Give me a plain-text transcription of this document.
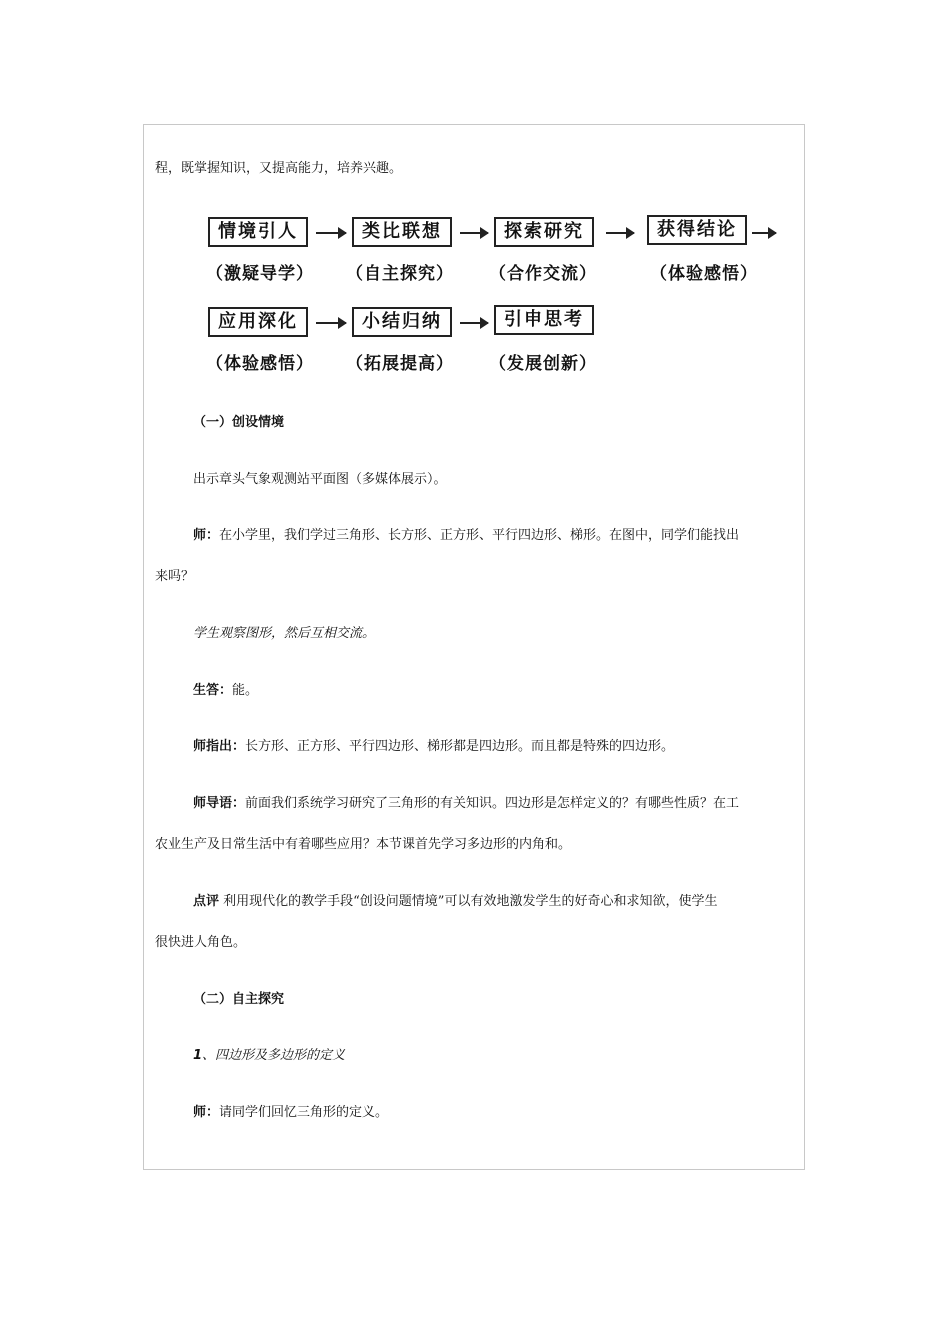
程，既掌握知识，又提高能力，培养兴趣。
情境引人	类比联想	探索研究	获得结论
（激疑导学） （自主探究） （合作交流）	（体验感悟）
应用深化	小结归纳	引申思考
（体验感悟） （拓展提高） （发展创新）
（一）创设情境
出示章头气象观测站平面图（多媒体展示）。
师：在小学里，我们学过三角形、长方形、正方形、平行四边形、梯形。在图中，同学们能找出
来吗？
学生观察图形，然后互相交流。
生答：能。
师指出：长方形、正方形、平行四边形、梯形都是四边形。而且都是特殊的四边形。
师导语：前面我们系统学习研究了三角形的有关知识。四边形是怎样定义的？有哪些性质？在工
农业生产及日常生活中有着哪些应用？本节课首先学习多边形的内角和。
点评 利用现代化的教学手段“创设问题情境”可以有效地激发学生的好奇心和求知欲，使学生
很快进人角色。
（二）自主探究
1、四边形及多边形的定义
师：请同学们回忆三角形的定义。
